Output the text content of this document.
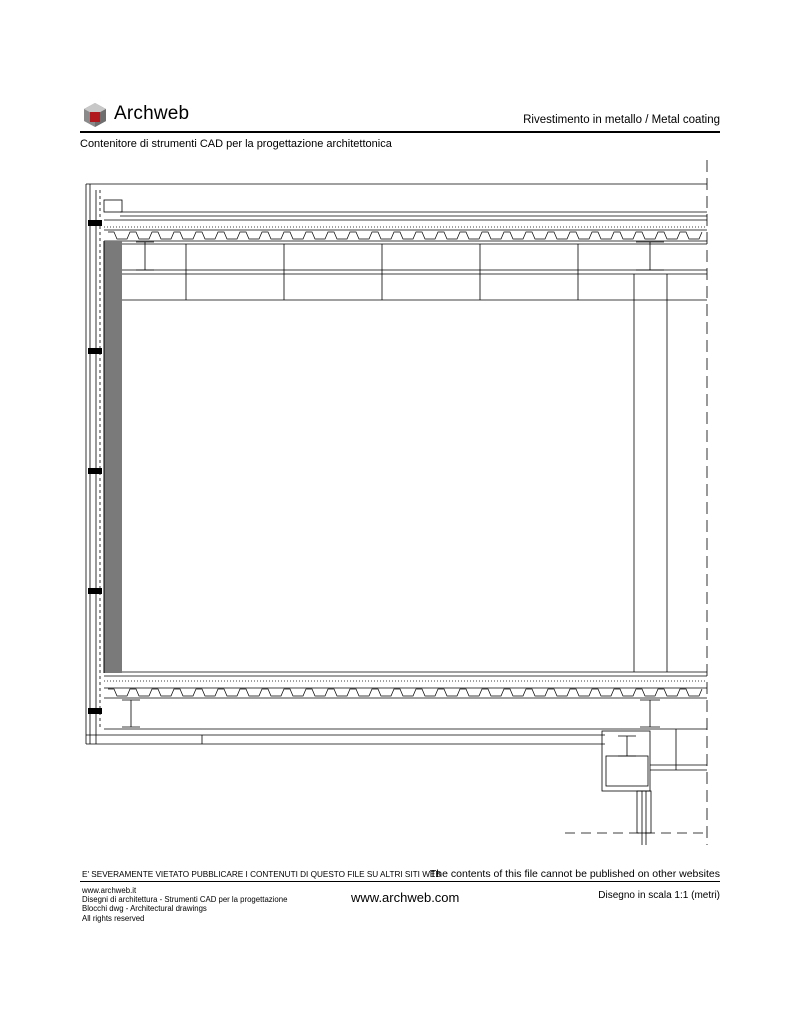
Archweb	Rivestimento in metallo / Metal coating
Contenitore di strumenti CAD per la progettazione architettonica
E' SEVERAMENTE VIETATO PUBBLICARE I CONTENUTI DI QUESTO FILE SU ALTRI SITI WEB
The contents of this file cannot be published on other websites
www.archweb.it
Disegni di architettura - Strumenti CAD per la progettazione
Blocchi dwg - Architectural drawings
All rights reserved
www.archweb.com	Disegno in scala 1:1 (metri)
